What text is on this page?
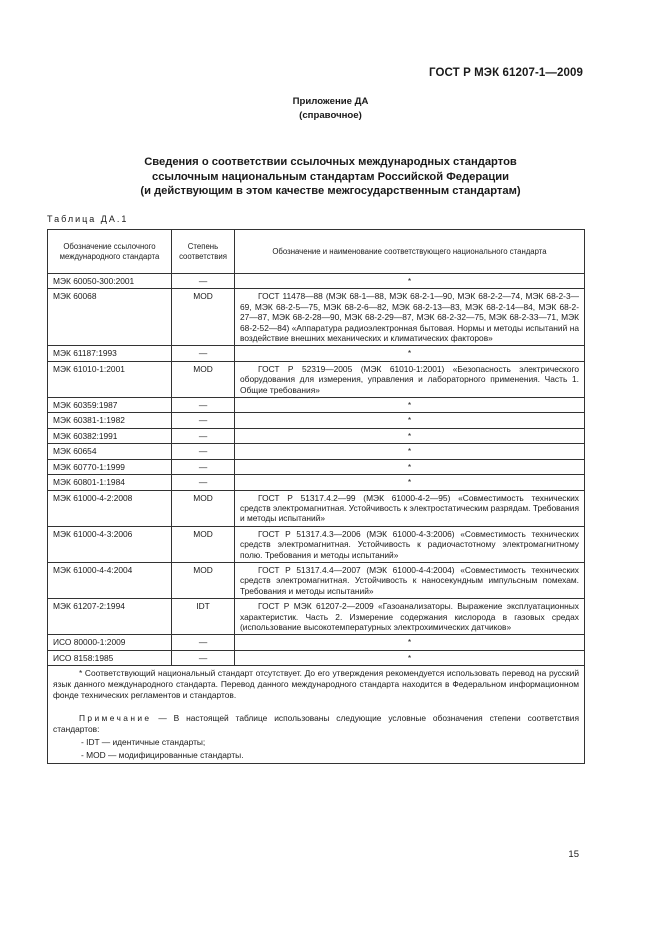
ГОСТ Р МЭК 61207-1—2009
Приложение ДА
(справочное)
Сведения о соответствии ссылочных международных стандартов
ссылочным национальным стандартам Российской Федерации
(и действующим в этом качестве межгосударственным стандартам)
Таблица ДА.1
Обозначение ссылочного международного стандарта	Степень соответствия	Обозначение и наименование соответствующего национального стандарта
МЭК 60050-300:2001	—	*
МЭК 60068	MOD	ГОСТ 11478—88 (МЭК 68-1—88, МЭК 68-2-1—90, МЭК 68-2-2—74, МЭК 68-2-3—69, МЭК 68-2-5—75, МЭК 68-2-6—82, МЭК 68-2-13—83, МЭК 68-2-14—84, МЭК 68-2-27—87, МЭК 68-2-28—90, МЭК 68-2-29—87, МЭК 68-2-32—75, МЭК 68-2-33—71, МЭК 68-2-52—84) «Аппаратура радиоэлектронная бытовая. Нормы и методы испытаний на воздействие внешних механических и климатических факторов»
МЭК 61187:1993	—	*
МЭК 61010-1:2001	MOD	ГОСТ Р 52319—2005 (МЭК 61010-1:2001) «Безопасность электрического оборудования для измерения, управления и лабораторного применения. Часть 1. Общие требования»
МЭК 60359:1987	—	*
МЭК 60381-1:1982	—	*
МЭК 60382:1991	—	*
МЭК 60654	—	*
МЭК 60770-1:1999	—	*
МЭК 60801-1:1984	—	*
МЭК 61000-4-2:2008	MOD	ГОСТ Р 51317.4.2—99 (МЭК 61000-4-2—95) «Совместимость технических средств электромагнитная. Устойчивость к электростатическим разрядам. Требования и методы испытаний»
МЭК 61000-4-3:2006	MOD	ГОСТ Р 51317.4.3—2006 (МЭК 61000-4-3:2006) «Совместимость технических средств электромагнитная. Устойчивость к радиочастотному электромагнитному полю. Требования и методы испытаний»
МЭК 61000-4-4:2004	MOD	ГОСТ Р 51317.4.4—2007 (МЭК 61000-4-4:2004) «Совместимость технических средств электромагнитная. Устойчивость к наносекундным импульсным помехам. Требования и методы испытаний»
МЭК 61207-2:1994	IDT	ГОСТ Р МЭК 61207-2—2009 «Газоанализаторы. Выражение эксплуатационных характеристик. Часть 2. Измерение содержания кислорода в газовых средах (использование высокотемпературных электрохимических датчиков»
ИСО 80000-1:2009	—	*
ИСО 8158:1985	—	*

* Соответствующий национальный стандарт отсутствует. До его утверждения рекомендуется использовать перевод на русский язык данного международного стандарта. Перевод данного международного стандарта находится в Федеральном информационном фонде технических регламентов и стандартов.

Примечание — В настоящей таблице использованы следующие условные обозначения степени соответствия стандартов:

- IDT — идентичные стандарты;
- MOD — модифицированные стандарты.		
15
